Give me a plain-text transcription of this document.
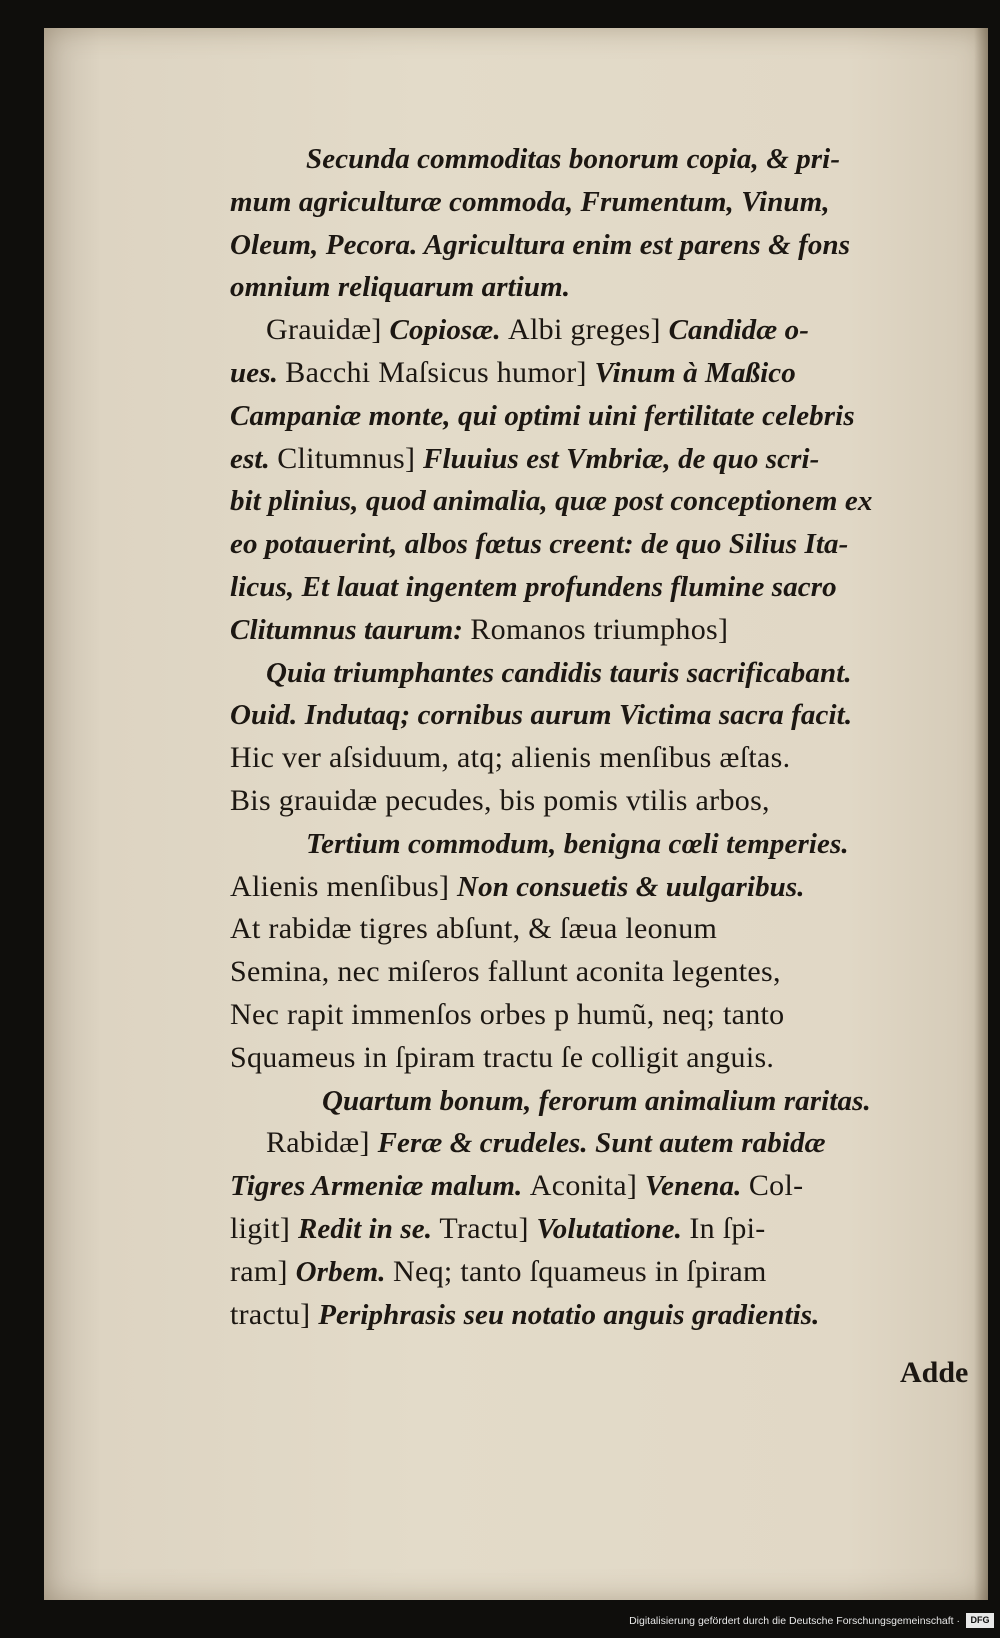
Secunda commoditas bonorum copia, & pri-
mum agriculturæ commoda, Frumentum, Vinum,
Oleum, Pecora. Agricultura enim est parens & fons
omnium reliquarum artium.
Grauidæ] Copiosæ. Albi greges] Candidæ o-
ues. Bacchi Maſsicus humor] Vinum à Maßico
Campaniæ monte, qui optimi uini fertilitate celebris
est. Clitumnus] Fluuius est Vmbriæ, de quo scri-
bit plinius, quod animalia, quæ post conceptionem ex
eo potauerint, albos fœtus creent: de quo Silius Ita-
licus, Et lauat ingentem profundens flumine sacro
Clitumnus taurum: Romanos triumphos]
Quia triumphantes candidis tauris sacrificabant.
Ouid. Indutaq; cornibus aurum Victima sacra facit.
Hic ver aſsiduum, atq; alienis menſibus æſtas.
Bis grauidæ pecudes, bis pomis vtilis arbos,
Tertium commodum, benigna cœli temperies.
Alienis menſibus] Non consuetis & uulgaribus.
At rabidæ tigres abſunt, & ſæua leonum
Semina, nec miſeros fallunt aconita legentes,
Nec rapit immenſos orbes p humũ, neq; tanto
Squameus in ſpiram tractu ſe colligit anguis.
Quartum bonum, ferorum animalium raritas.
Rabidæ] Feræ & crudeles. Sunt autem rabidæ
Tigres Armeniæ malum. Aconita] Venena. Col-
ligit] Redit in se. Tractu] Volutatione. In ſpi-
ram] Orbem. Neq; tanto ſquameus in ſpiram
tractu] Periphrasis seu notatio anguis gradientis.
Adde
Digitalisierung gefördert durch die Deutsche Forschungsgemeinschaft ·	DFG
